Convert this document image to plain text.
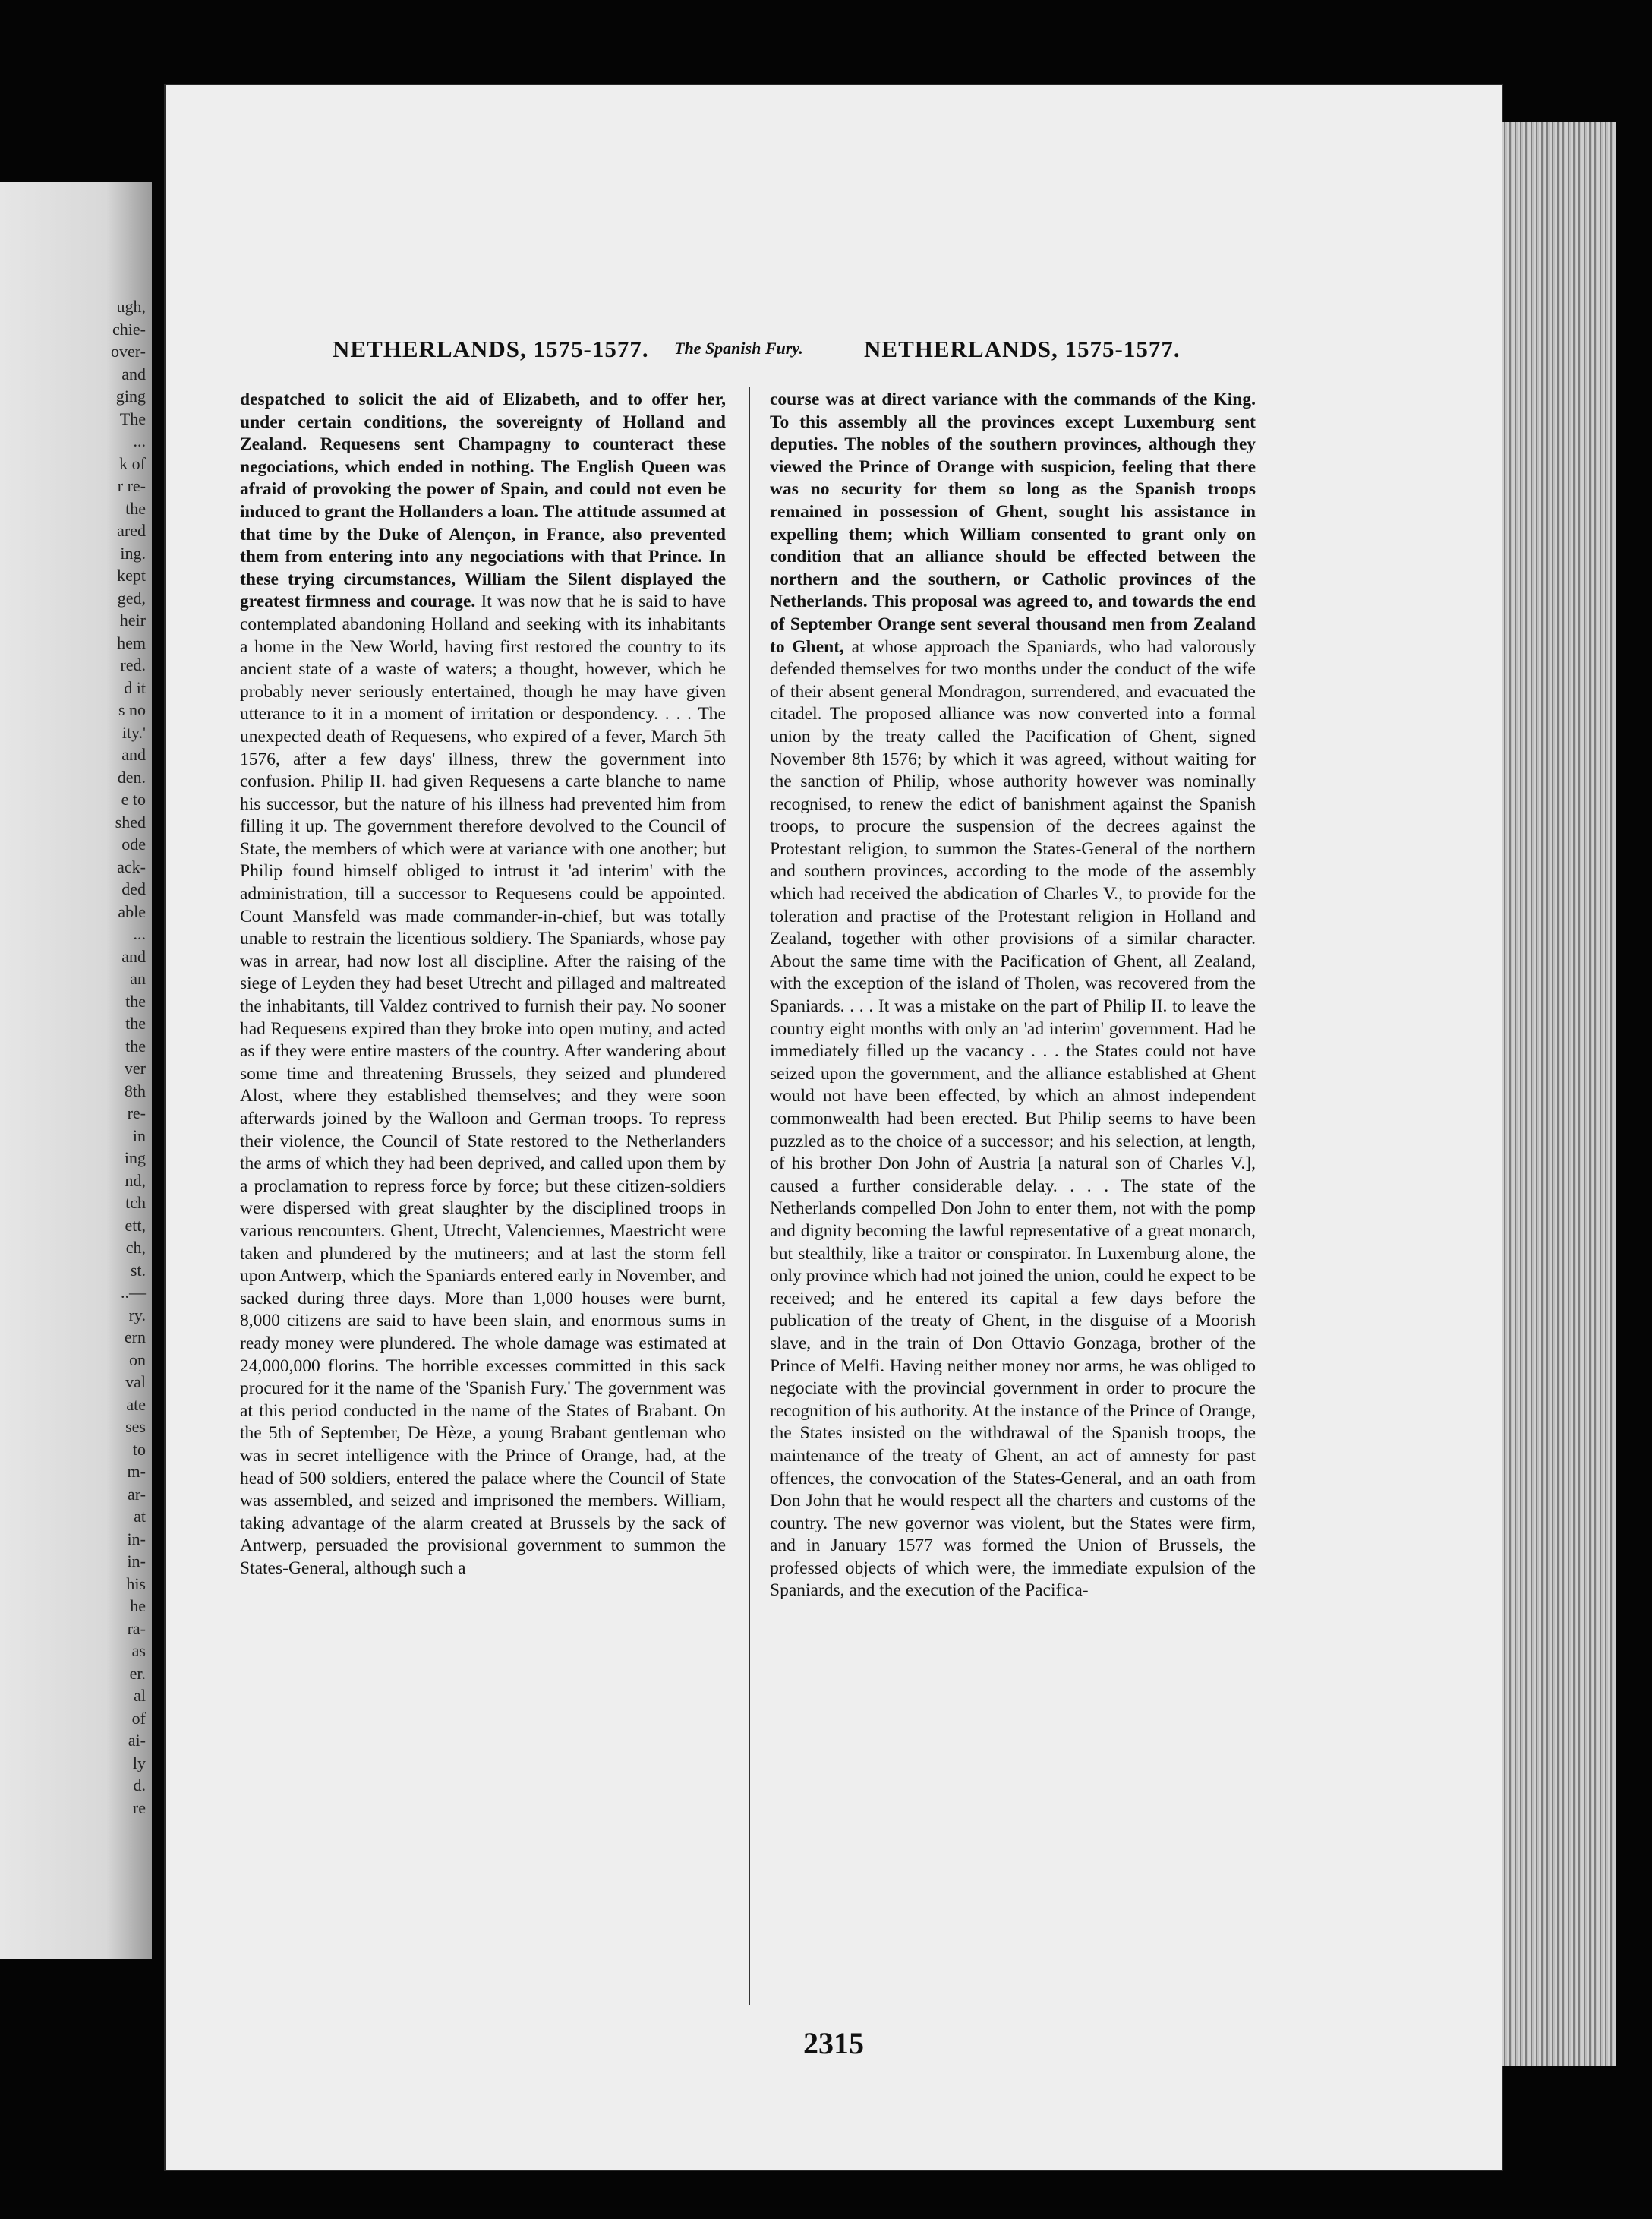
ugh,
chie-
over-
and
ging
The
...
k of
r re-
the
ared
ing.
kept
ged,
heir
hem
red.
d it
s no
ity.'
and
den.
e to
shed
ode
ack-
ded
able
...
and
an
the
the
the
ver
8th
re-
in
ing
nd,
tch
ett,
ch,
st.
..—
ry.
ern
on
val
ate
ses
to
m-
ar-
at
in-
in-
his
he
ra-
as
er.
al
of
ai-
ly
d.
re
NETHERLANDS, 1575-1577. The Spanish Fury.	NETHERLANDS, 1575-1577.
despatched to solicit the aid of Elizabeth, and to offer her, under certain conditions, the sovereignty of Holland and Zealand. Requesens sent Champagny to counteract these negociations, which ended in nothing. The English Queen was afraid of provoking the power of Spain, and could not even be induced to grant the Hollanders a loan. The attitude assumed at that time by the Duke of Alençon, in France, also prevented them from entering into any negociations with that Prince. In these trying circumstances, William the Silent displayed the greatest firmness and courage. It was now that he is said to have contemplated abandoning Holland and seeking with its inhabitants a home in the New World, having first restored the country to its ancient state of a waste of waters; a thought, however, which he probably never seriously entertained, though he may have given utterance to it in a moment of irritation or despondency. . . . The unexpected death of Requesens, who expired of a fever, March 5th 1576, after a few days' illness, threw the government into confusion. Philip II. had given Requesens a carte blanche to name his successor, but the nature of his illness had prevented him from filling it up. The government therefore devolved to the Council of State, the members of which were at variance with one another; but Philip found himself obliged to intrust it 'ad interim' with the administration, till a successor to Requesens could be appointed. Count Mansfeld was made commander-in-chief, but was totally unable to restrain the licentious soldiery. The Spaniards, whose pay was in arrear, had now lost all discipline. After the raising of the siege of Leyden they had beset Utrecht and pillaged and maltreated the inhabitants, till Valdez contrived to furnish their pay. No sooner had Requesens expired than they broke into open mutiny, and acted as if they were entire masters of the country. After wandering about some time and threatening Brussels, they seized and plundered Alost, where they established themselves; and they were soon afterwards joined by the Walloon and German troops. To repress their violence, the Council of State restored to the Netherlanders the arms of which they had been deprived, and called upon them by a proclamation to repress force by force; but these citizen-soldiers were dispersed with great slaughter by the disciplined troops in various rencounters. Ghent, Utrecht, Valenciennes, Maestricht were taken and plundered by the mutineers; and at last the storm fell upon Antwerp, which the Spaniards entered early in November, and sacked during three days. More than 1,000 houses were burnt, 8,000 citizens are said to have been slain, and enormous sums in ready money were plundered. The whole damage was estimated at 24,000,000 florins. The horrible excesses committed in this sack procured for it the name of the 'Spanish Fury.' The government was at this period conducted in the name of the States of Brabant. On the 5th of September, De Hèze, a young Brabant gentleman who was in secret intelligence with the Prince of Orange, had, at the head of 500 soldiers, entered the palace where the Council of State was assembled, and seized and imprisoned the members. William, taking advantage of the alarm created at Brussels by the sack of Antwerp, persuaded the provisional government to summon the States-General, although such a
course was at direct variance with the commands of the King. To this assembly all the provinces except Luxemburg sent deputies. The nobles of the southern provinces, although they viewed the Prince of Orange with suspicion, feeling that there was no security for them so long as the Spanish troops remained in possession of Ghent, sought his assistance in expelling them; which William consented to grant only on condition that an alliance should be effected between the northern and the southern, or Catholic provinces of the Netherlands. This proposal was agreed to, and towards the end of September Orange sent several thousand men from Zealand to Ghent, at whose approach the Spaniards, who had valorously defended themselves for two months under the conduct of the wife of their absent general Mondragon, surrendered, and evacuated the citadel. The proposed alliance was now converted into a formal union by the treaty called the Pacification of Ghent, signed November 8th 1576; by which it was agreed, without waiting for the sanction of Philip, whose authority however was nominally recognised, to renew the edict of banishment against the Spanish troops, to procure the suspension of the decrees against the Protestant religion, to summon the States-General of the northern and southern provinces, according to the mode of the assembly which had received the abdication of Charles V., to provide for the toleration and practise of the Protestant religion in Holland and Zealand, together with other provisions of a similar character. About the same time with the Pacification of Ghent, all Zealand, with the exception of the island of Tholen, was recovered from the Spaniards. . . . It was a mistake on the part of Philip II. to leave the country eight months with only an 'ad interim' government. Had he immediately filled up the vacancy . . . the States could not have seized upon the government, and the alliance established at Ghent would not have been effected, by which an almost independent commonwealth had been erected. But Philip seems to have been puzzled as to the choice of a successor; and his selection, at length, of his brother Don John of Austria [a natural son of Charles V.], caused a further considerable delay. . . . The state of the Netherlands compelled Don John to enter them, not with the pomp and dignity becoming the lawful representative of a great monarch, but stealthily, like a traitor or conspirator. In Luxemburg alone, the only province which had not joined the union, could he expect to be received; and he entered its capital a few days before the publication of the treaty of Ghent, in the disguise of a Moorish slave, and in the train of Don Ottavio Gonzaga, brother of the Prince of Melfi. Having neither money nor arms, he was obliged to negociate with the provincial government in order to procure the recognition of his authority. At the instance of the Prince of Orange, the States insisted on the withdrawal of the Spanish troops, the maintenance of the treaty of Ghent, an act of amnesty for past offences, the convocation of the States-General, and an oath from Don John that he would respect all the charters and customs of the country. The new governor was violent, but the States were firm, and in January 1577 was formed the Union of Brussels, the professed objects of which were, the immediate expulsion of the Spaniards, and the execution of the Pacifica-
2315
